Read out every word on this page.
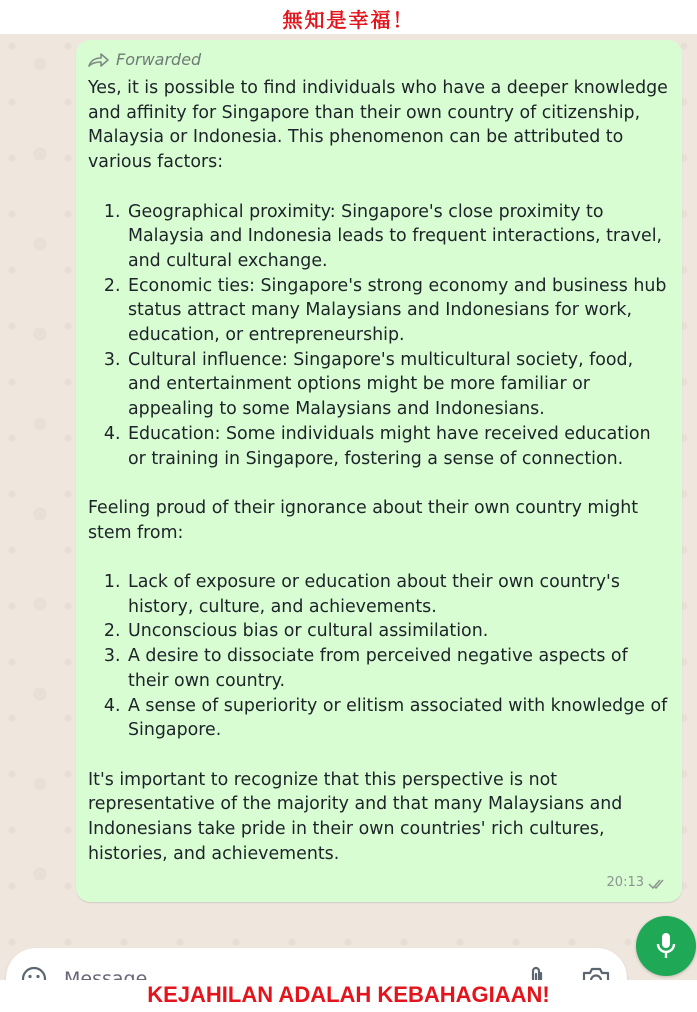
無知是幸福！
Forwarded

Yes, it is possible to find individuals who have a deeper knowledge and affinity for Singapore than their own country of citizenship, Malaysia or Indonesia. This phenomenon can be attributed to various factors:

1. Geographical proximity: Singapore's close proximity to Malaysia and Indonesia leads to frequent interactions, travel, and cultural exchange.
2. Economic ties: Singapore's strong economy and business hub status attract many Malaysians and Indonesians for work, education, or entrepreneurship.
3. Cultural influence: Singapore's multicultural society, food, and entertainment options might be more familiar or appealing to some Malaysians and Indonesians.
4. Education: Some individuals might have received education or training in Singapore, fostering a sense of connection.

Feeling proud of their ignorance about their own country might stem from:

1. Lack of exposure or education about their own country's history, culture, and achievements.
2. Unconscious bias or cultural assimilation.
3. A desire to dissociate from perceived negative aspects of their own country.
4. A sense of superiority or elitism associated with knowledge of Singapore.

It's important to recognize that this perspective is not representative of the majority and that many Malaysians and Indonesians take pride in their own countries' rich cultures, histories, and achievements.

20:13
Message
KEJAHILAN ADALAH KEBAHAGIAAN!
